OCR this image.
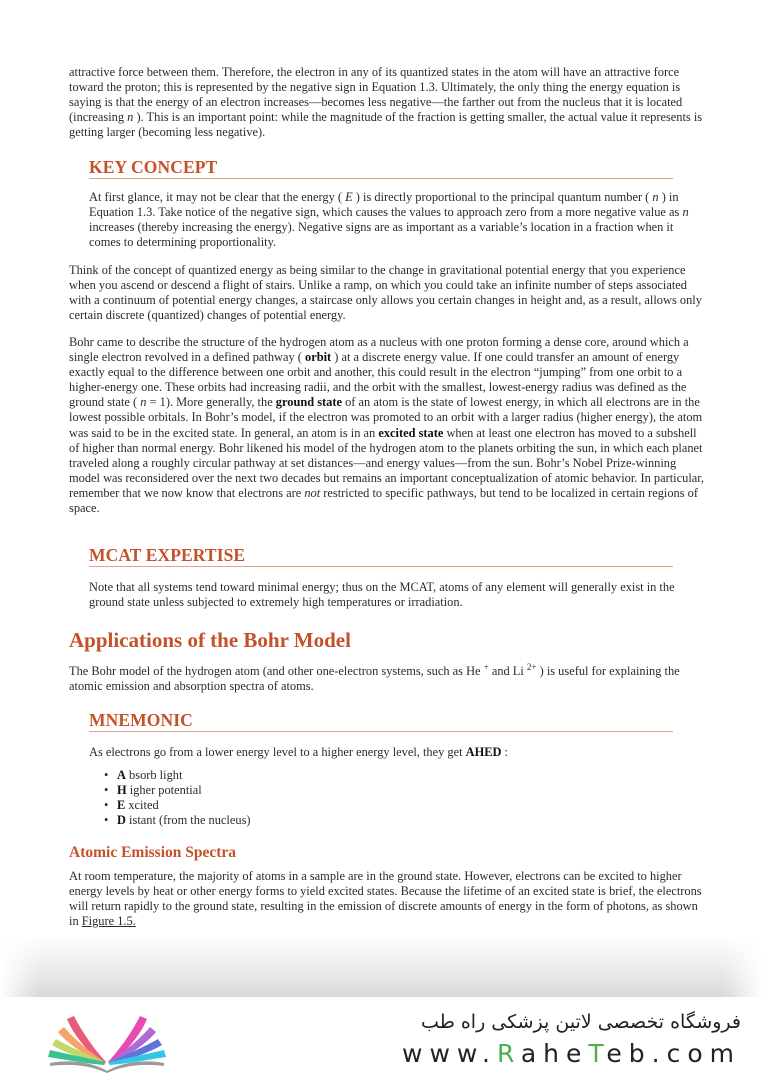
attractive force between them. Therefore, the electron in any of its quantized states in the atom will have an attractive force toward the proton; this is represented by the negative sign in Equation 1.3. Ultimately, the only thing the energy equation is saying is that the energy of an electron increases—becomes less negative—the farther out from the nucleus that it is located (increasing n ). This is an important point: while the magnitude of the fraction is getting smaller, the actual value it represents is getting larger (becoming less negative).

KEY CONCEPT

At first glance, it may not be clear that the energy ( E ) is directly proportional to the principal quantum number ( n ) in Equation 1.3. Take notice of the negative sign, which causes the values to approach zero from a more negative value as n increases (thereby increasing the energy). Negative signs are as important as a variable’s location in a fraction when it comes to determining proportionality.

Think of the concept of quantized energy as being similar to the change in gravitational potential energy that you experience when you ascend or descend a flight of stairs. Unlike a ramp, on which you could take an infinite number of steps associated with a continuum of potential energy changes, a staircase only allows you certain changes in height and, as a result, allows only certain discrete (quantized) changes of potential energy.

Bohr came to describe the structure of the hydrogen atom as a nucleus with one proton forming a dense core, around which a single electron revolved in a defined pathway ( orbit ) at a discrete energy value. If one could transfer an amount of energy exactly equal to the difference between one orbit and another, this could result in the electron “jumping” from one orbit to a higher-energy one. These orbits had increasing radii, and the orbit with the smallest, lowest-energy radius was defined as the ground state ( n = 1). More generally, the ground state of an atom is the state of lowest energy, in which all electrons are in the lowest possible orbitals. In Bohr’s model, if the electron was promoted to an orbit with a larger radius (higher energy), the atom was said to be in the excited state. In general, an atom is in an excited state when at least one electron has moved to a subshell of higher than normal energy. Bohr likened his model of the hydrogen atom to the planets orbiting the sun, in which each planet traveled along a roughly circular pathway at set distances—and energy values—from the sun. Bohr’s Nobel Prize-winning model was reconsidered over the next two decades but remains an important conceptualization of atomic behavior. In particular, remember that we now know that electrons are not restricted to specific pathways, but tend to be localized in certain regions of space.

MCAT EXPERTISE

Note that all systems tend toward minimal energy; thus on the MCAT, atoms of any element will generally exist in the ground state unless subjected to extremely high temperatures or irradiation.

Applications of the Bohr Model

The Bohr model of the hydrogen atom (and other one-electron systems, such as He + and Li $^{2+}$ ) is useful for explaining the atomic emission and absorption spectra of atoms.

MNEMONIC

As electrons go from a lower energy level to a higher energy level, they get AHED :

• A bsorb light
• H igher potential
• E xcited
• D istant (from the nucleus)
Atomic Emission Spectra

At room temperature, the majority of atoms in a sample are in the ground state. However, electrons can be excited to higher energy levels by heat or other energy forms to yield excited states. Because the lifetime of an excited state is brief, the electrons will return rapidly to the ground state, resulting in the emission of discrete amounts of energy in the form of photons, as shown in Figure 1.5.

فروشگاه تخصصی لاتین پزشکی راه طب
www.RaheTeb.com
